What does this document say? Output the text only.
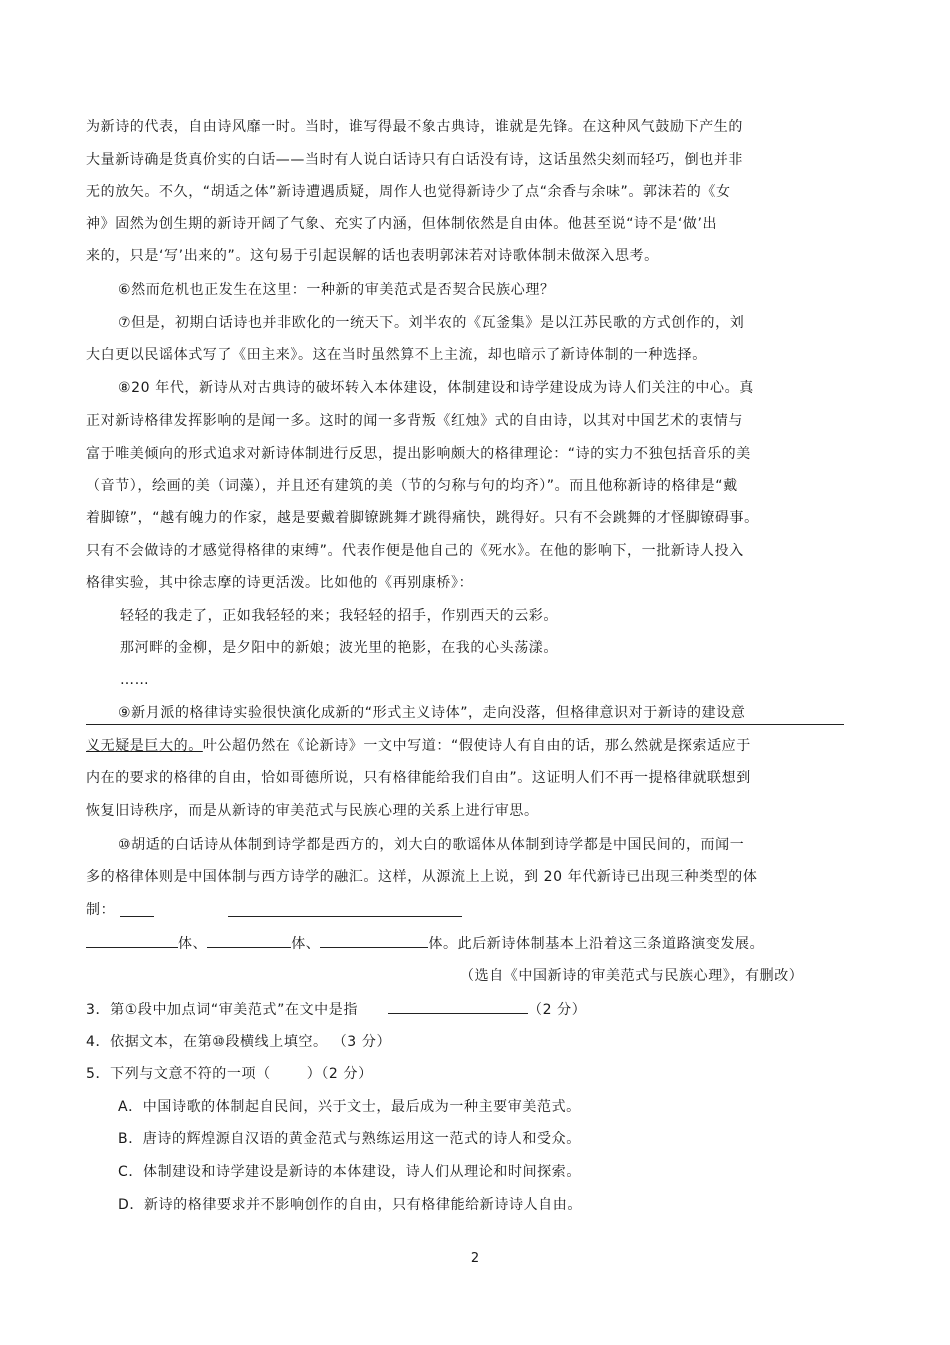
为新诗的代表，自由诗风靡一时。当时，谁写得最不象古典诗，谁就是先锋。在这种风气鼓励下产生的
大量新诗确是货真价实的白话——当时有人说白话诗只有白话没有诗，这话虽然尖刻而轻巧，倒也并非
无的放矢。不久，“胡适之体”新诗遭遇质疑，周作人也觉得新诗少了点“余香与余味”。郭沫若的《女
神》固然为创生期的新诗开阔了气象、充实了内涵，但体制依然是自由体。他甚至说“诗不是‘做’出
来的，只是‘写’出来的”。这句易于引起误解的话也表明郭沫若对诗歌体制未做深入思考。
⑥然而危机也正发生在这里：一种新的审美范式是否契合民族心理？
⑦但是，初期白话诗也并非欧化的一统天下。刘半农的《瓦釜集》是以江苏民歌的方式创作的，刘
大白更以民谣体式写了《田主来》。这在当时虽然算不上主流，却也暗示了新诗体制的一种选择。
⑧20 年代，新诗从对古典诗的破坏转入本体建设，体制建设和诗学建设成为诗人们关注的中心。真
正对新诗格律发挥影响的是闻一多。这时的闻一多背叛《红烛》式的自由诗，以其对中国艺术的衷情与
富于唯美倾向的形式追求对新诗体制进行反思，提出影响颇大的格律理论：“诗的实力不独包括音乐的美
（音节），绘画的美（词藻），并且还有建筑的美（节的匀称与句的均齐）”。而且他称新诗的格律是“戴
着脚镣”，“越有魄力的作家，越是要戴着脚镣跳舞才跳得痛快，跳得好。只有不会跳舞的才怪脚镣碍事。
只有不会做诗的才感觉得格律的束缚”。代表作便是他自己的《死水》。在他的影响下，一批新诗人投入
格律实验，其中徐志摩的诗更活泼。比如他的《再别康桥》：
轻轻的我走了，正如我轻轻的来；我轻轻的招手，作别西天的云彩。
那河畔的金柳，是夕阳中的新娘；波光里的艳影，在我的心头荡漾。
……
⑨新月派的格律诗实验很快演化成新的“形式主义诗体”，走向没落，但格律意识对于新诗的建设意
义无疑是巨大的。叶公超仍然在《论新诗》一文中写道：“假使诗人有自由的话，那么然就是探索适应于
内在的要求的格律的自由，恰如哥德所说，只有格律能给我们自由”。这证明人们不再一提格律就联想到
恢复旧诗秩序，而是从新诗的审美范式与民族心理的关系上进行审思。
⑩胡适的白话诗从体制到诗学都是西方的，刘大白的歌谣体从体制到诗学都是中国民间的，而闻一
多的格律体则是中国体制与西方诗学的融汇。这样，从源流上上说，到 20 年代新诗已出现三种类型的体
制：
体、	体、	体。此后新诗体制基本上沿着这三条道路演变发展。
（选自《中国新诗的审美范式与民族心理》，有删改）
3．第①段中加点词“审美范式”在文中是指	（2 分）
4．依据文本，在第⑩段横线上填空。 （3 分）
5．下列与文意不符的一项（	）（2 分）
A．中国诗歌的体制起自民间，兴于文士，最后成为一种主要审美范式。
B．唐诗的辉煌源自汉语的黄金范式与熟练运用这一范式的诗人和受众。
C．体制建设和诗学建设是新诗的本体建设，诗人们从理论和时间探索。
D．新诗的格律要求并不影响创作的自由，只有格律能给新诗诗人自由。
2
